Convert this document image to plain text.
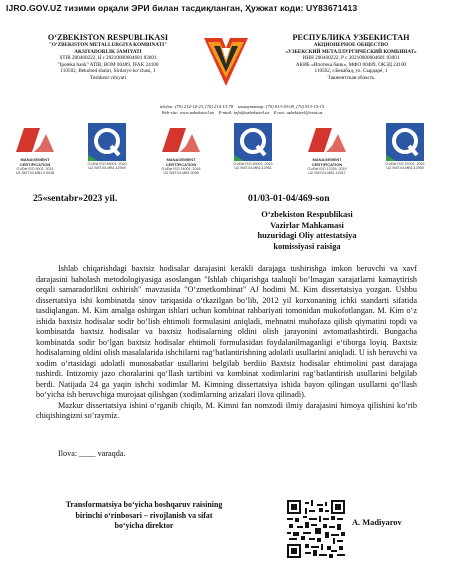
IJRO.GOV.UZ тизими орқали ЭРИ билан тасдиқланган, Ҳужжат коди: UY83671413
O‘ZBEKISTON RESPUBLIKASI
"O‘ZBEKISTON METALLURGIYA KOMBINATI"
AKSIYADORLIK JAMIYATI
STIR 200460222, H r 20210000604681 83001
"Ipoteka bank" ATIB, BOM 00489, IFAK 24100
110502, Bekobod shahri, Sirdaryo ko‘chasi, 1
Toshkent viloyati
РЕСПУБЛИКА УЗБЕКИСТАН
АКЦИОНЕРНОЕ ОБЩЕСТВО
«УЗБЕКСКИЙ МЕТАЛЛУРГИЧЕСКИЙ КОМБИНАТ»
ИНН 200460222, Р с 20210000604681 83001
АКИБ «Ипотека банк», МФО 00489, ОКЭД 24100
110502, г.Бекабад, ул. Сырдарё, 1
Ташкентская область
telefon: (70) 214-14-23, (70) 214-13-78 коммутатор: (70) 913-30-09, (70) 913-15-15
Web-site: www.uzbeksteel.uz E-mail: info@uzbeksteel.uz E-xat: uzbeksteel@exat.uz
MANAGEMENT CERTIFICATION
O‘zDst ISO 9001: 2015
UZ.SMT.04.MB1.9.0048
O‘zDst ISO 45001: 2020
UZ.SMT.04.MB1.12949
MANAGEMENT CERTIFICATION
O‘zDst ISO 14001: 2016
UZ.SMT.04.MB1.0098
O‘zDst ISO 50001: 2019
UZ.SMT.04.MB1.12951
MANAGEMENT CERTIFICATION
O‘zDst ISO 17025: 2019
UZ.SMT.04.MB1.12917
O‘zDst ISO 37001: 2016
UZ.SMT.04.MB1.12959
25«sentabr»2023 yil.	01/03-01-04/469-son
O‘zbekiston Respublikasi
Vazirlar Mahkamasi
huzuridagi Oliy attestatsiya
komissiyasi raisiga

Ishlab chiqarishdagi baxtsiz hodisalar darajasini kerakli darajaga tushirishga imkon beruvchi va xavf darajasini baholash metodologiyasiga asoslangan "Ishlab chiqarishga taaluqli bo‘lmagan xarajatlarni kamaytirish orqali samaradorlikni oshirish" mavzusida "O‘zmetkombinat" AJ hodimi M. Kim dissertatsiya yozgan. Ushbu dissertatsiya ishi kombinatda sinov tariqasida o‘tkazilgan bo‘lib, 2012 yil korxonaning ichki standarti sifatida tasdiqlangan. M. Kim amalga oshirgan ishlari uchun kombinat rahbariyati tomonidan mukofotlangan. M. Kim o‘z ishida baxtsiz hodisalar sodir bo‘lish ehtimoli formulasini aniqladi, mehnatni muhofaza qilish qiymatini topdi va kombinatda baxtsiz hodisalar va baxtsiz hodisalarning oldini olish jarayonini avtomatlashtirdi. Bungacha kombinatda sodir bo‘lgan baxtsiz hodisalar ehtimoli formulasidan foydalanilmaganligi e‘tiborga loyiq. Baxtsiz hodisalarning oldini olish masalalarida ishchilarni rag‘batlantirishning adolatli usullarini aniqladi. U ish beruvchi va xodim o‘rtasidagi adolatli munosabatlar usullarini belgilab berdiio Baxtsiz hodisalar ehtimolini past darajaga tushirdi. Intizomiy jazo choralarini qo‘llash tartibini va kombinat xodimlarini rag‘batlantirish usullarini belgilab berdi. Natijada 24 ga yaqin ishchi xodimlar M. Kimning dissertatsiya ishida bayon qilingan usullarni qo‘llash bo‘yicha ish beruvchiga murojaat qilishgan (xodimlarning arizalari ilova qilinadi).

Mazkur dissertatsiya ishini o‘rganib chiqib, M. Kimni fan nomzodi ilmiy darajasini himoya qilishini ko‘rib chiqishingizni so‘raymiz.

Ilova: ____ varaqda.
Transformatsiya bo‘yicha boshqaruv raisining
birinchi o‘rinbosari – rivojlanish va sifat
bo‘yicha direktor	A. Madiyarov
